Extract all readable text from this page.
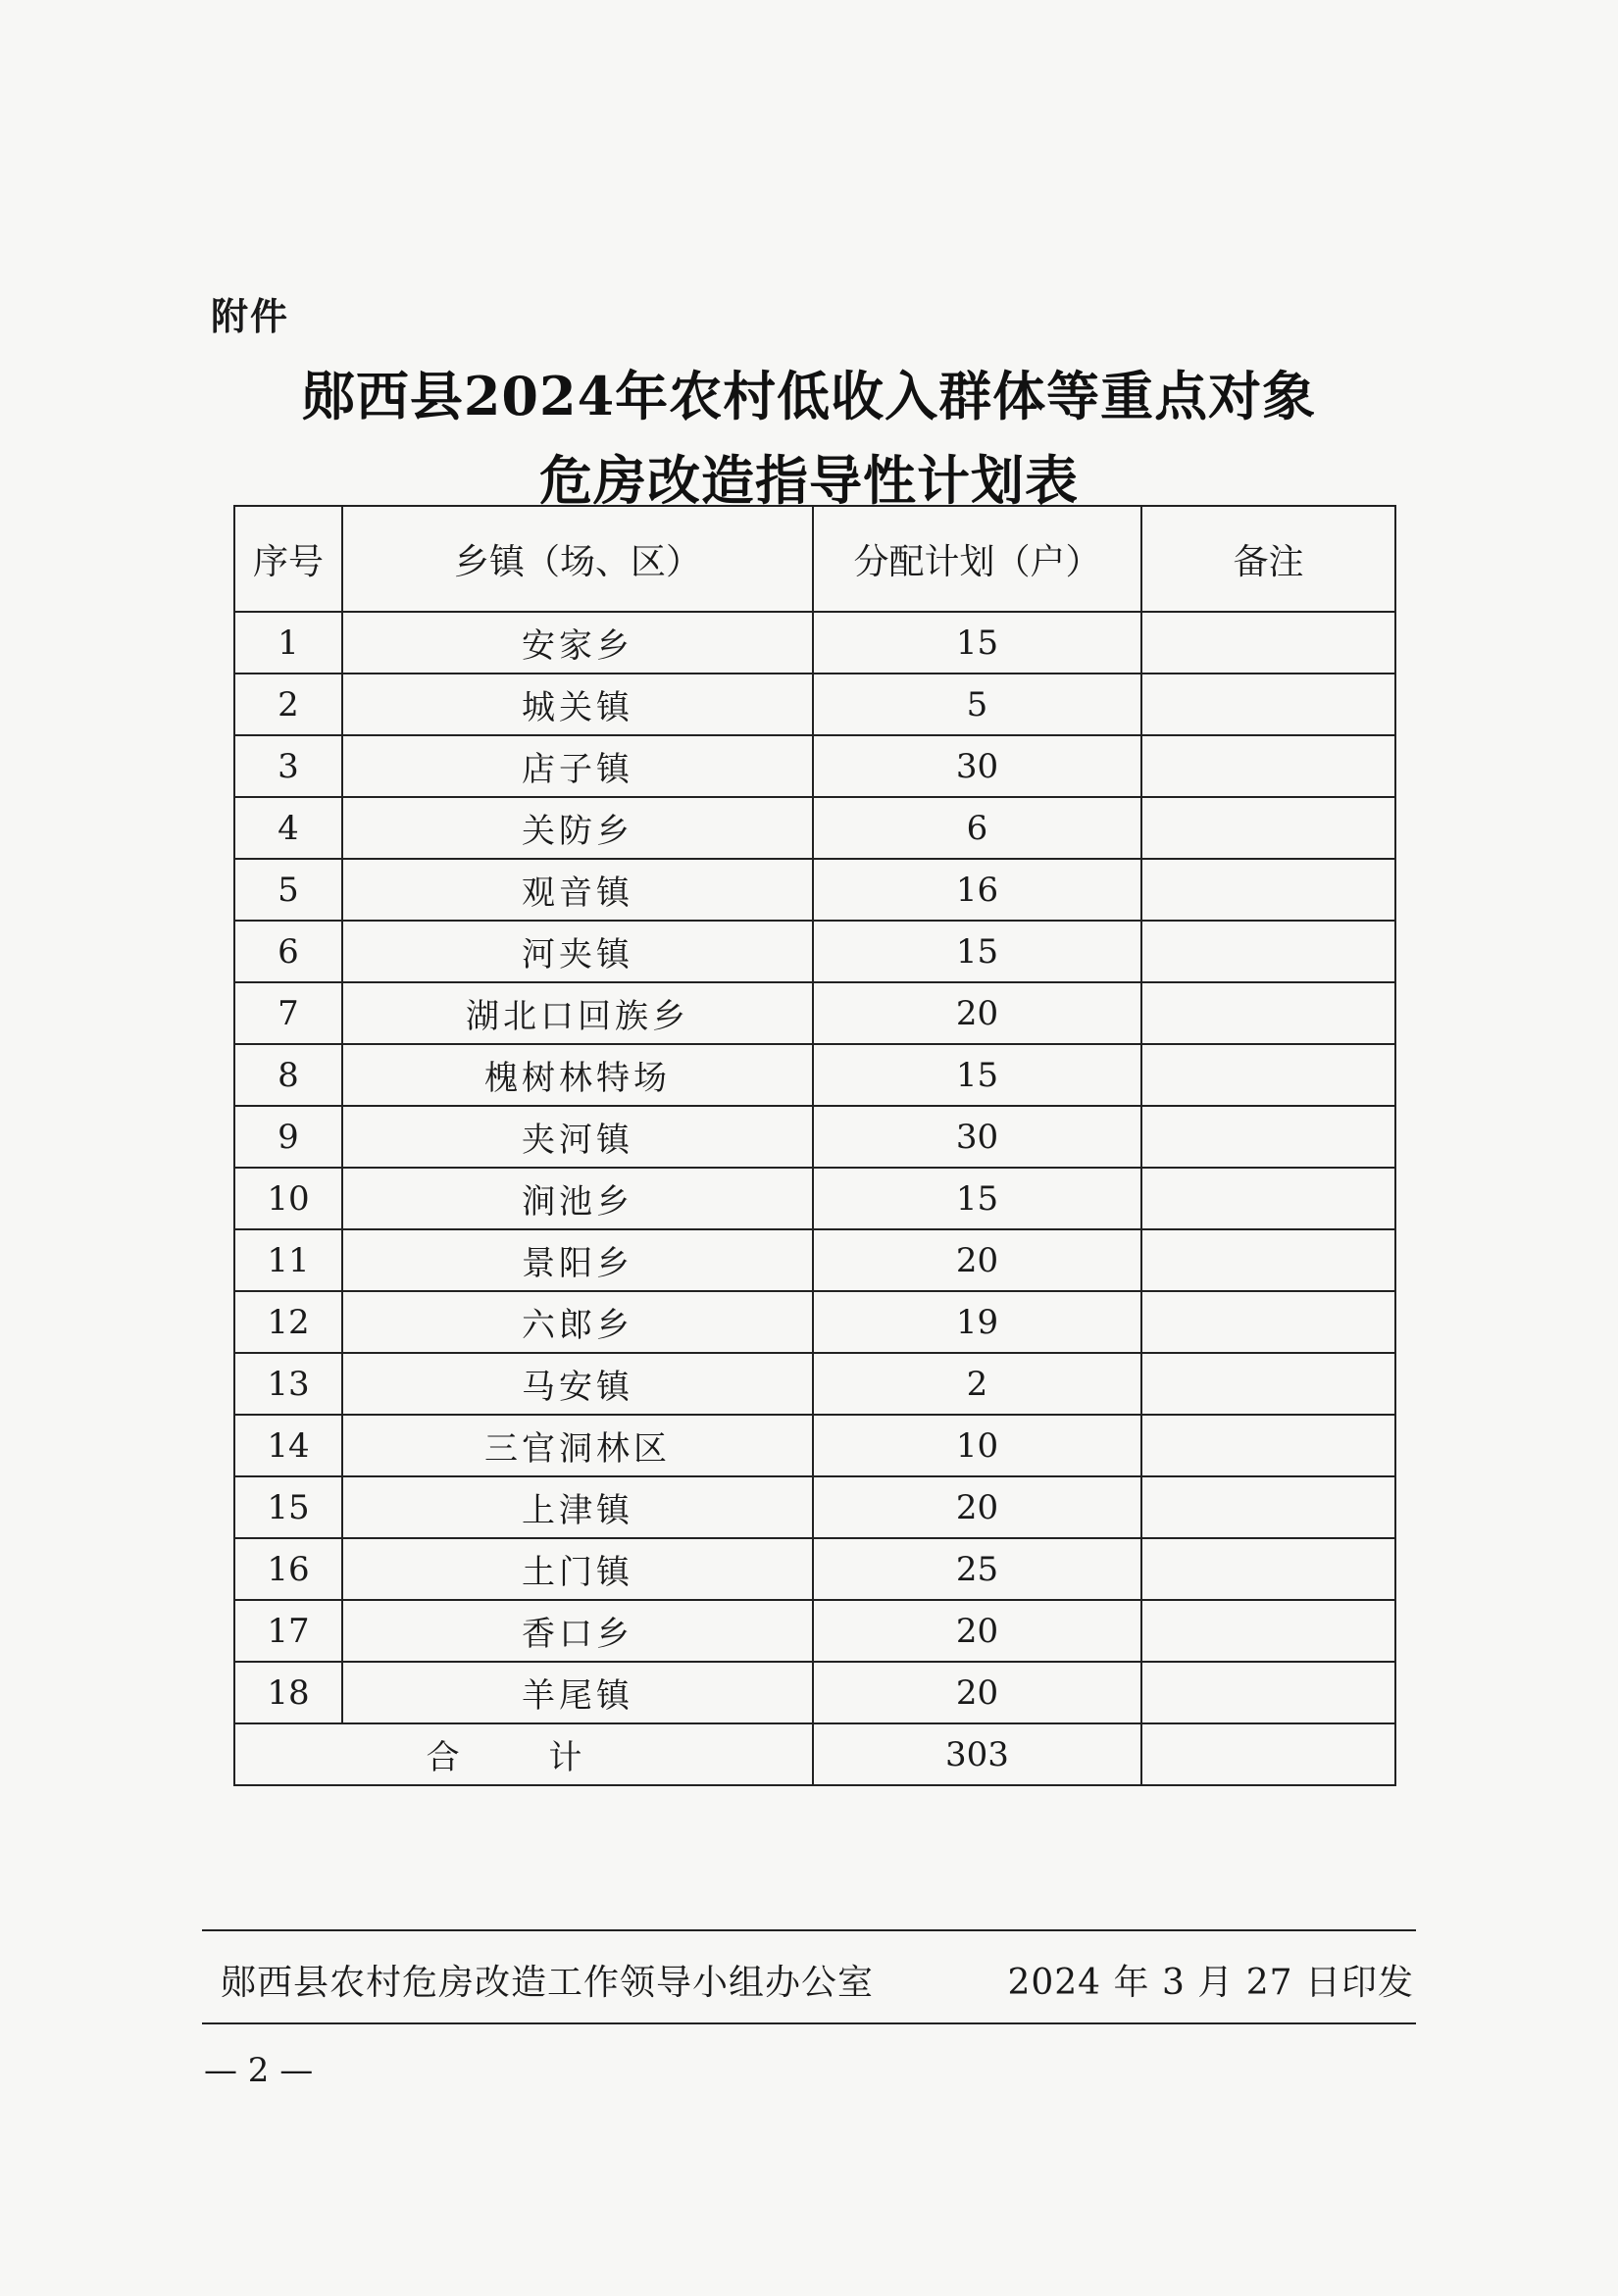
附件
郧西县2024年农村低收入群体等重点对象
危房改造指导性计划表
序号	乡镇（场、区）	分配计划（户）	备注
1	安家乡	15	
2	城关镇	5	
3	店子镇	30	
4	关防乡	6	
5	观音镇	16	
6	河夹镇	15	
7	湖北口回族乡	20	
8	槐树林特场	15	
9	夹河镇	30	
10	涧池乡	15	
11	景阳乡	20	
12	六郎乡	19	
13	马安镇	2	
14	三官洞林区	10	
15	上津镇	20	
16	土门镇	25	
17	香口乡	20	
18	羊尾镇	20	
合 计		303	
郧西县农村危房改造工作领导小组办公室	2024 年 3 月 27 日印发
— 2 —
